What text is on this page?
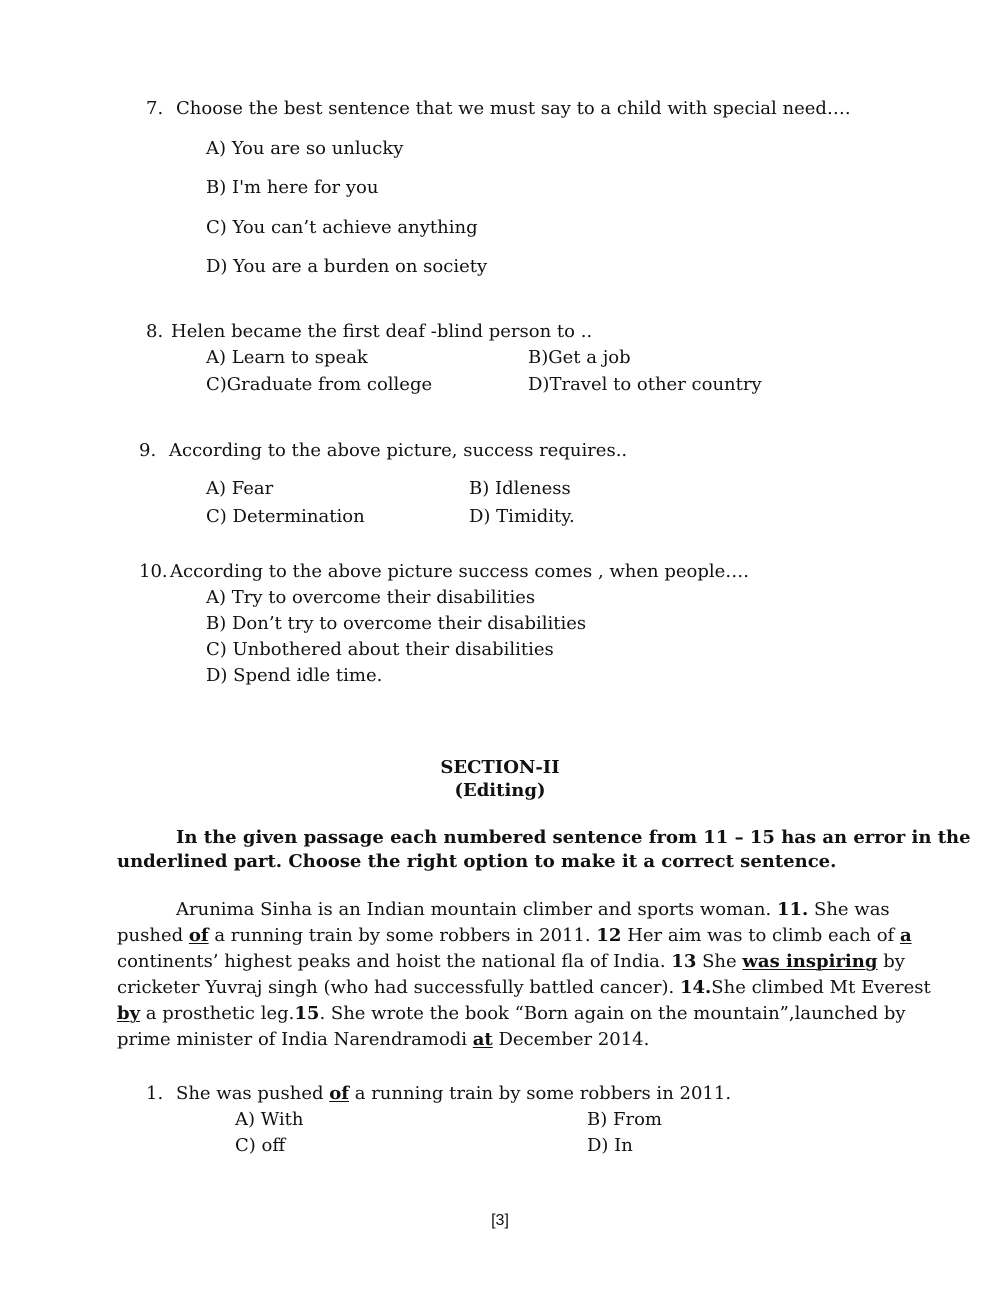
7. Choose the best sentence that we must say to a child with special need….
A) You are so unlucky
B) I'm here for you
C) You can’t achieve anything
D) You are a burden on society
8. Helen became the first deaf -blind person to ..
A) Learn to speak	B)Get a job
C)Graduate from college	D)Travel to other country
9. According to the above picture, success requires..
A) Fear	B) Idleness
C) Determination	D) Timidity.
10. According to the above picture success comes , when people….
A) Try to overcome their disabilities
B) Don’t try to overcome their disabilities
C) Unbothered about their disabilities
D) Spend idle time.
SECTION-II
(Editing)
In the given passage each numbered sentence from 11 – 15 has an error in the
underlined part. Choose the right option to make it a correct sentence.
Arunima Sinha is an Indian mountain climber and sports woman. 11. She was
pushed of a running train by some robbers in 2011. 12 Her aim was to climb each of a
continents’ highest peaks and hoist the national fla of India. 13 She was inspiring by
cricketer Yuvraj singh (who had successfully battled cancer). 14.She climbed Mt Everest
by a prosthetic leg.15. She wrote the book “Born again on the mountain”,launched by
prime minister of India Narendramodi at December 2014.
1. She was pushed of a running train by some robbers in 2011.
A) With	B) From
C) off	D) In
[3]
